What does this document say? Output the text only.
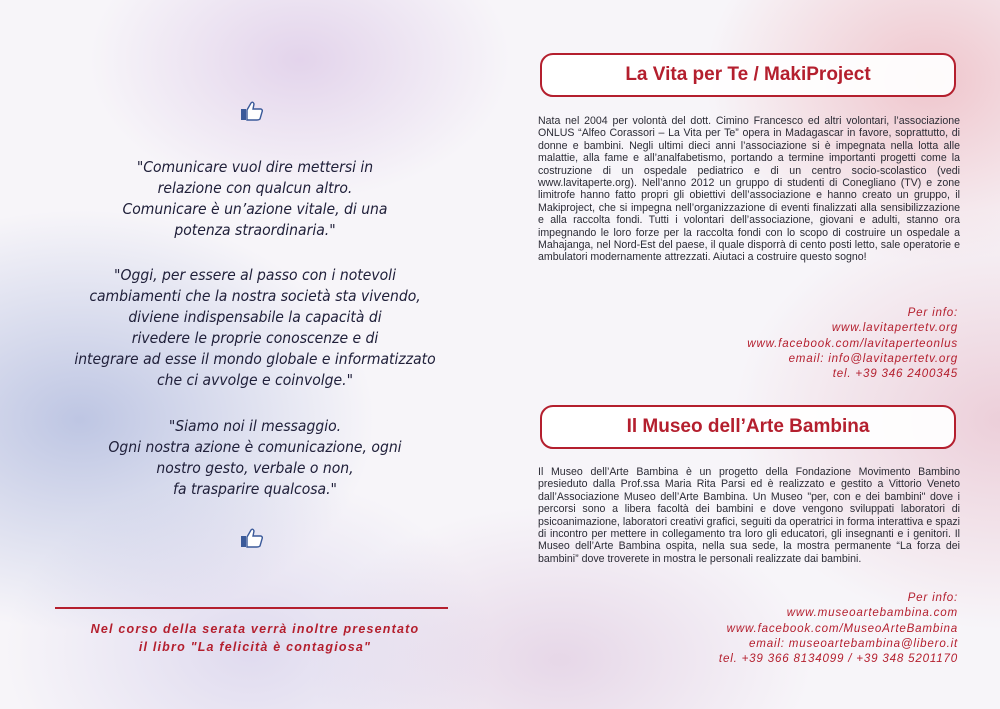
"Comunicare vuol dire mettersi in

relazione con qualcun altro.

Comunicare è un’azione vitale, di una

potenza straordinaria."

"Oggi, per essere al passo con i notevoli

cambiamenti che la nostra società sta vivendo,

diviene indispensabile la capacità di

rivedere le proprie conoscenze e di

integrare ad esse il mondo globale e informatizzato

che ci avvolge e coinvolge."

"Siamo noi il messaggio.

Ogni nostra azione è comunicazione, ogni

nostro gesto, verbale o non,

fa trasparire qualcosa."

Nel corso della serata verrà inoltre presentato

il libro "La felicità è contagiosa"

La Vita per Te / MakiProject

Nata nel 2004 per volontà del dott. Cimino Francesco ed altri volontari, l’associazione ONLUS “Alfeo Corassori – La Vita per Te” opera in Madagascar in favore, soprattutto, di donne e bambini. Negli ultimi dieci anni l’associazione si è impegnata nella lotta alle malattie, alla fame e all’analfabetismo, portando a termine importanti progetti come la costruzione di un ospedale pediatrico e di un centro socio-scolastico (vedi www.lavitaperte.org). Nell’anno 2012 un gruppo di studenti di Conegliano (TV) e zone limitrofe hanno fatto propri gli obiettivi dell’associazione e hanno creato un gruppo, il Makiproject, che si impegna nell’organizzazione di eventi finalizzati alla sensibilizzazione e alla raccolta fondi. Tutti i volontari dell’associazione, giovani e adulti, stanno ora impegnando le loro forze per la raccolta fondi con lo scopo di costruire un ospedale a Mahajanga, nel Nord-Est del paese, il quale disporrà di cento posti letto, sale operatorie e ambulatori modernamente attrezzati. Aiutaci a costruire questo sogno!

Per info:
www.lavitapertetv.org
www.facebook.com/lavitaperteonlus
email: info@lavitapertetv.org
tel. +39 346 2400345
Il Museo dell’Arte Bambina

Il Museo dell’Arte Bambina è un progetto della Fondazione Movimento Bambino presieduto dalla Prof.ssa Maria Rita Parsi ed è realizzato e gestito a Vittorio Veneto dall’Associazione Museo dell’Arte Bambina. Un Museo "per, con e dei bambini" dove i percorsi sono a libera facoltà dei bambini e dove vengono sviluppati laboratori di psicoanimazione, laboratori creativi grafici, seguiti da operatrici in forma interattiva e spazi di incontro per mettere in collegamento tra loro gli educatori, gli insegnanti e i genitori. Il Museo dell’Arte Bambina ospita, nella sua sede, la mostra permanente “La forza dei bambini” dove troverete in mostra le personali realizzate dai bambini.

Per info:
www.museoartebambina.com
www.facebook.com/MuseoArteBambina
email: museoartebambina@libero.it
tel. +39 366 8134099 / +39 348 5201170
